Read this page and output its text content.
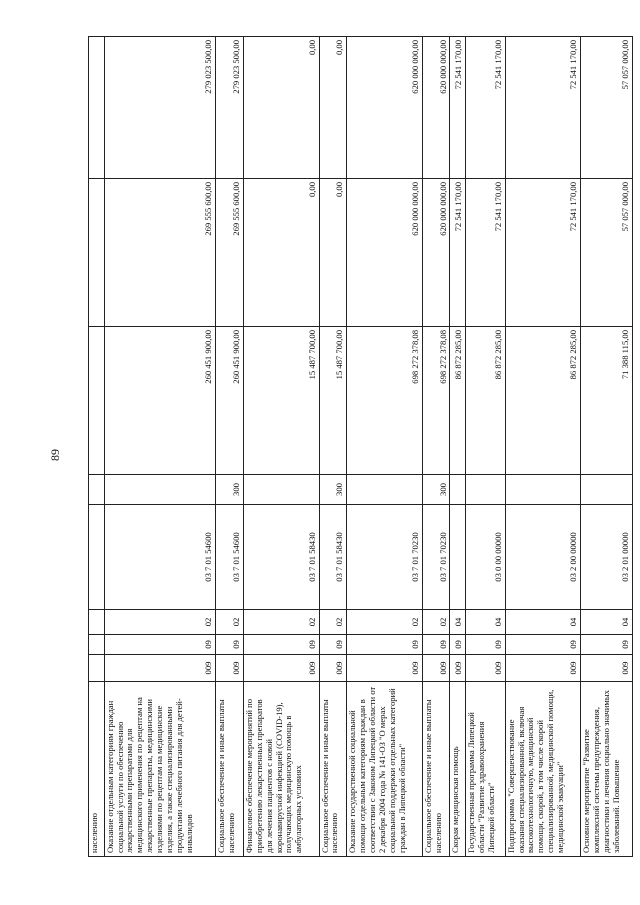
89
населению								
Оказание отдельным категориям граждан социальной услуги по обеспечению лекарственными препаратами для медицинского применения по рецептам на лекарственные препараты, медицинскими изделиями по рецептам на медицинские изделия, а также специализированными продуктами лечебного питания для детей-инвалидов	009	09	02	03 7 01 54600		260 451 900,00	269 555 600,00	279 023 500,00
Социальное обеспечение и иные выплаты населению	009	09	02	03 7 01 54600	300	260 451 900,00	269 555 600,00	279 023 500,00
Финансовое обеспечение мероприятий по приобретению лекарственных препаратов для лечения пациентов с новой коронавирусной инфекцией (COVID-19), получающих медицинскую помощь в амбулаторных условиях	009	09	02	03 7 01 58430		15 487 700,00	0,00	0,00
Социальное обеспечение и иные выплаты населению	009	09	02	03 7 01 58430	300	15 487 700,00	0,00	0,00
Оказание государственной социальной помощи отдельным категориям граждан в соответствии с Законом Липецкой области от 2 декабря 2004 года № 141-ОЗ "О мерах социальной поддержки отдельных категорий граждан в Липецкой области"	009	09	02	03 7 01 70230		698 272 378,08	620 000 000,00	620 000 000,00
Социальное обеспечение и иные выплаты населению	009	09	02	03 7 01 70230	300	698 272 378,08	620 000 000,00	620 000 000,00
Скорая медицинская помощь	009	09	04			86 872 285,00	72 541 170,00	72 541 170,00
Государственная программа Липецкой области "Развитие здравоохранения Липецкой области"	009	09	04	03 0 00 00000		86 872 285,00	72 541 170,00	72 541 170,00
Подпрограмма "Совершенствование оказания специализированной, включая высокотехнологичную, медицинской помощи, скорой, в том числе скорой специализированной, медицинской помощи, медицинской эвакуации"	009	09	04	03 2 00 00000		86 872 285,00	72 541 170,00	72 541 170,00
Основное мероприятие "Развитие комплексной системы предупреждения, диагностики и лечения социально значимых заболеваний. Повышение	009	09	04	03 2 01 00000		71 388 115,00	57 057 000,00	57 057 000,00
